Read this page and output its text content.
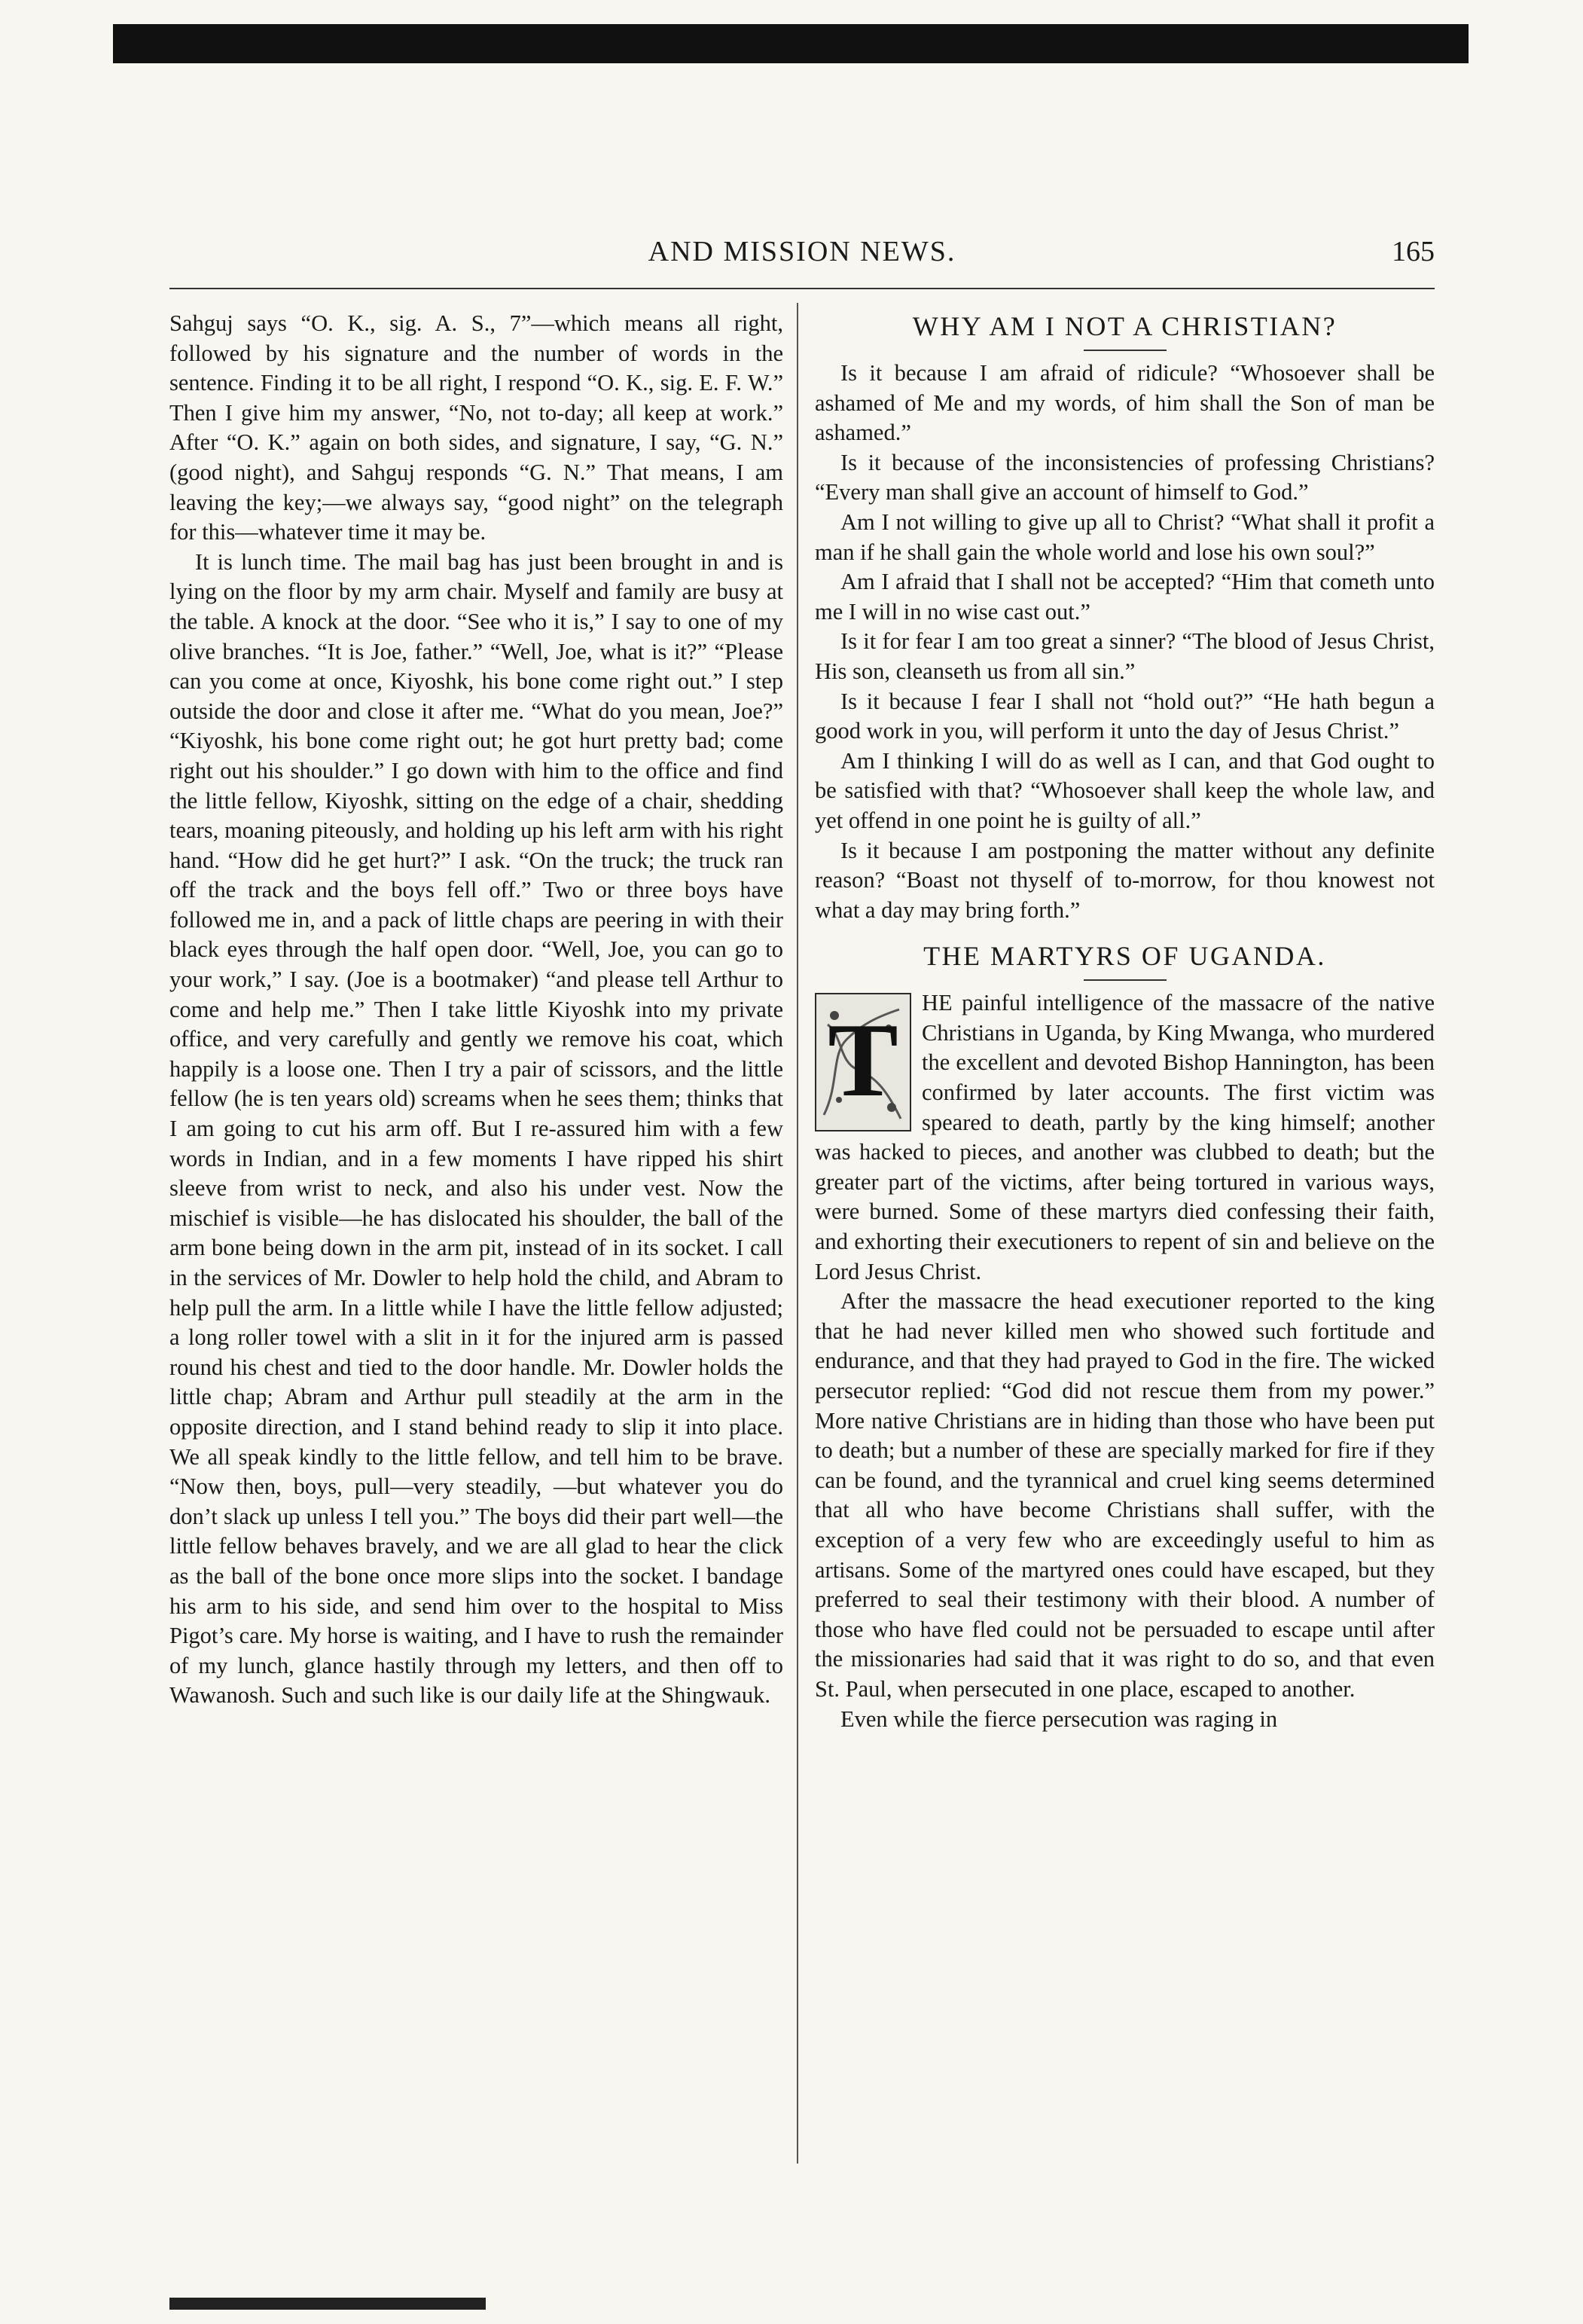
AND MISSION NEWS.	165

Sahguj says “O. K., sig. A. S., 7”—which means all right, followed by his signature and the number of words in the sentence. Finding it to be all right, I respond “O. K., sig. E. F. W.” Then I give him my answer, “No, not to-day; all keep at work.” After “O. K.” again on both sides, and signature, I say, “G. N.” (good night), and Sahguj responds “G. N.” That means, I am leaving the key;—we always say, “good night” on the telegraph for this—whatever time it may be.

It is lunch time. The mail bag has just been brought in and is lying on the floor by my arm chair. Myself and family are busy at the table. A knock at the door. “See who it is,” I say to one of my olive branches. “It is Joe, father.” “Well, Joe, what is it?” “Please can you come at once, Kiyoshk, his bone come right out.” I step outside the door and close it after me. “What do you mean, Joe?” “Kiyoshk, his bone come right out; he got hurt pretty bad; come right out his shoulder.” I go down with him to the office and find the little fellow, Kiyoshk, sitting on the edge of a chair, shedding tears, moaning piteously, and holding up his left arm with his right hand. “How did he get hurt?” I ask. “On the truck; the truck ran off the track and the boys fell off.” Two or three boys have followed me in, and a pack of little chaps are peering in with their black eyes through the half open door. “Well, Joe, you can go to your work,” I say. (Joe is a bootmaker) “and please tell Arthur to come and help me.” Then I take little Kiyoshk into my private office, and very carefully and gently we remove his coat, which happily is a loose one. Then I try a pair of scissors, and the little fellow (he is ten years old) screams when he sees them; thinks that I am going to cut his arm off. But I re-assured him with a few words in Indian, and in a few moments I have ripped his shirt sleeve from wrist to neck, and also his under vest. Now the mischief is visible—he has dislocated his shoulder, the ball of the arm bone being down in the arm pit, instead of in its socket. I call in the services of Mr. Dowler to help hold the child, and Abram to help pull the arm. In a little while I have the little fellow adjusted; a long roller towel with a slit in it for the injured arm is passed round his chest and tied to the door handle. Mr. Dowler holds the little chap; Abram and Arthur pull steadily at the arm in the opposite direction, and I stand behind ready to slip it into place. We all speak kindly to the little fellow, and tell him to be brave. “Now then, boys, pull—very steadily, —but whatever you do don’t slack up unless I tell you.” The boys did their part well—the little fellow behaves bravely, and we are all glad to hear the click as the ball of the bone once more slips into the socket. I bandage his arm to his side, and send him over to the hospital to Miss Pigot’s care. My horse is waiting, and I have to rush the remainder of my lunch, glance hastily through my letters, and then off to Wawanosh. Such and such like is our daily life at the Shingwauk.

WHY AM I NOT A CHRISTIAN?

Is it because I am afraid of ridicule? “Whosoever shall be ashamed of Me and my words, of him shall the Son of man be ashamed.”

Is it because of the inconsistencies of professing Christians? “Every man shall give an account of himself to God.”

Am I not willing to give up all to Christ? “What shall it profit a man if he shall gain the whole world and lose his own soul?”

Am I afraid that I shall not be accepted? “Him that cometh unto me I will in no wise cast out.”

Is it for fear I am too great a sinner? “The blood of Jesus Christ, His son, cleanseth us from all sin.”

Is it because I fear I shall not “hold out?” “He hath begun a good work in you, will perform it unto the day of Jesus Christ.”

Am I thinking I will do as well as I can, and that God ought to be satisfied with that? “Whosoever shall keep the whole law, and yet offend in one point he is guilty of all.”

Is it because I am postponing the matter without any definite reason? “Boast not thyself of to-morrow, for thou knowest not what a day may bring forth.”

THE MARTYRS OF UGANDA.
T	HE painful intelligence of the massacre of the native Christians in Uganda, by King Mwanga, who murdered the excellent and devoted Bishop Hannington, has been confirmed by later accounts. The first victim was speared to death, partly by the king himself; another was hacked to pieces, and another was clubbed to death; but the greater part of the victims, after being tortured in various ways, were burned. Some of these martyrs died confessing their faith, and exhorting their executioners to repent of sin and believe on the Lord Jesus Christ.

After the massacre the head executioner reported to the king that he had never killed men who showed such fortitude and endurance, and that they had prayed to God in the fire. The wicked persecutor replied: “God did not rescue them from my power.” More native Christians are in hiding than those who have been put to death; but a number of these are specially marked for fire if they can be found, and the tyrannical and cruel king seems determined that all who have become Christians shall suffer, with the exception of a very few who are exceedingly useful to him as artisans. Some of the martyred ones could have escaped, but they preferred to seal their testimony with their blood. A number of those who have fled could not be persuaded to escape until after the missionaries had said that it was right to do so, and that even St. Paul, when persecuted in one place, escaped to another.

Even while the fierce persecution was raging in
